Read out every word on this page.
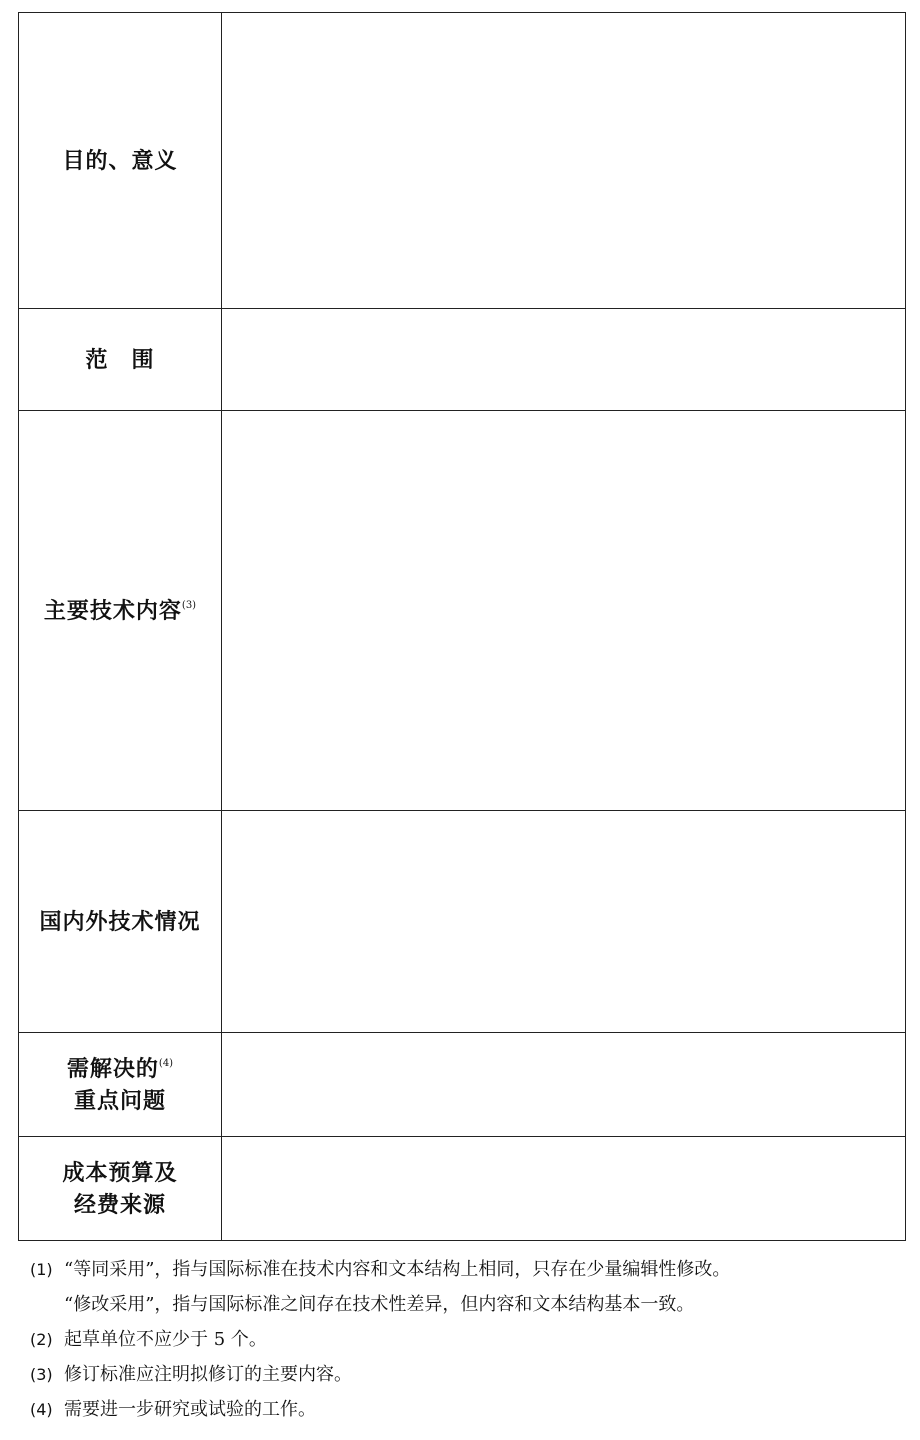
目的、意义	

范　围	

主要技术内容$^{(3)}$

国内外技术情况	

需解决的$^{(4)}$
重点问题	

成本预算及
经费来源	

(1) “等同采用”，指与国际标准在技术内容和文本结构上相同，只存在少量编辑性修改。
“修改采用”，指与国际标准之间存在技术性差异，但内容和文本结构基本一致。
(2) 起草单位不应少于 5 个。
(3) 修订标准应注明拟修订的主要内容。
(4) 需要进一步研究或试验的工作。
